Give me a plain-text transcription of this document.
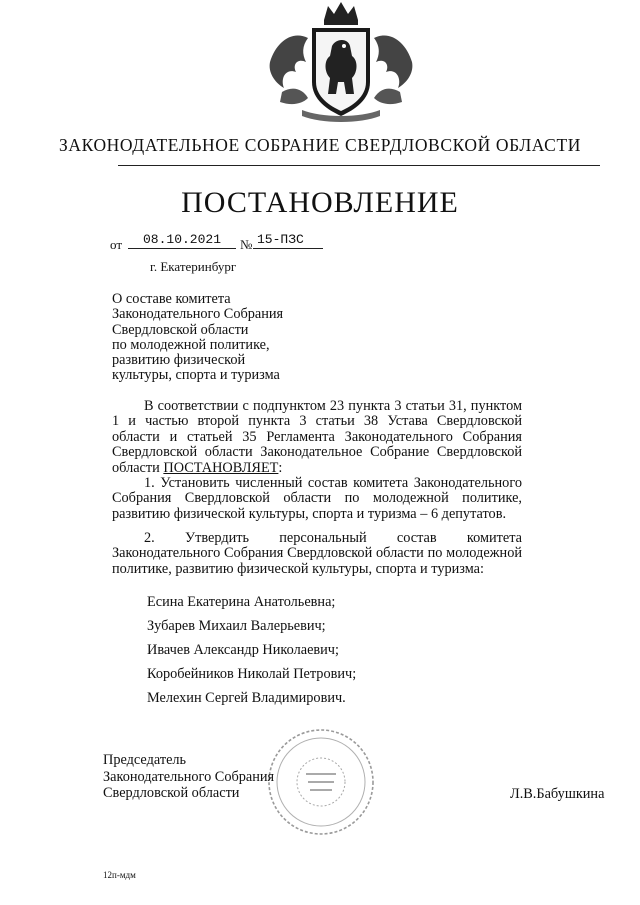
ЗАКОНОДАТЕЛЬНОЕ СОБРАНИЕ СВЕРДЛОВСКОЙ ОБЛАСТИ
ПОСТАНОВЛЕНИЕ
от	08.10.2021	№ 15-ПЗС
г. Екатеринбург
О составе комитета
Законодательного Собрания
Свердловской области
по молодежной политике,
развитию физической
культуры, спорта и туризма

В соответствии с подпунктом 23 пункта 3 статьи 31, пунктом 1 и частью второй пункта 3 статьи 38 Устава Свердловской области и статьей 35 Регламента Законодательного Собрания Свердловской области Законодательное Собрание Свердловской области ПОСТАНОВЛЯЕТ:

1. Установить численный состав комитета Законодательного Собрания Свердловской области по молодежной политике, развитию физической культуры, спорта и туризма – 6 депутатов.

2. Утвердить персональный состав комитета Законодательного Собрания Свердловской области по молодежной политике, развитию физической культуры, спорта и туризма:

Есина Екатерина Анатольевна;
Зубарев Михаил Валерьевич;
Ивачев Александр Николаевич;
Коробейников Николай Петрович;
Мелехин Сергей Владимирович.
Председатель
Законодательного Собрания
Свердловской области	Л.В.Бабушкина
12п-мдм
